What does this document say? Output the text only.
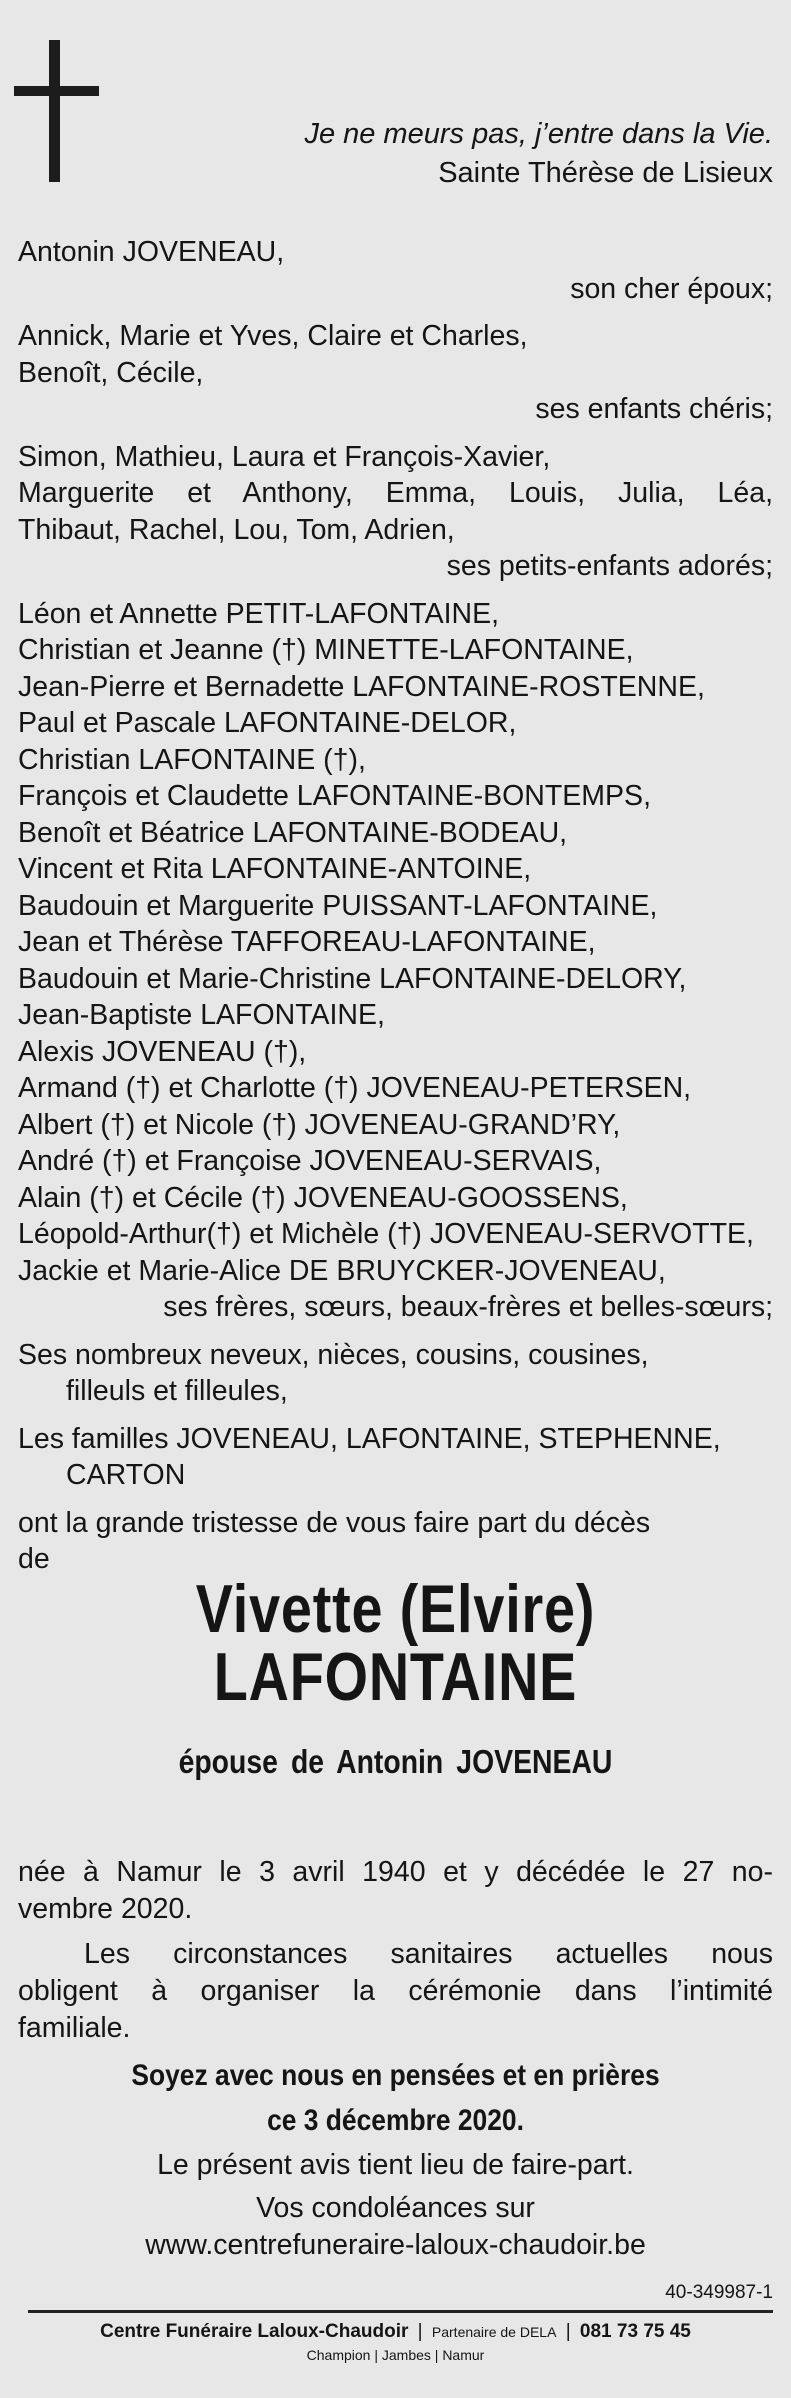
Je ne meurs pas, j’entre dans la Vie.
Sainte Thérèse de Lisieux
Antonin JOVENEAU,
son cher époux;
Annick, Marie et Yves, Claire et Charles,
Benoît, Cécile,
ses enfants chéris;
Simon, Mathieu, Laura et François-Xavier,
Marguerite et Anthony, Emma, Louis, Julia, Léa,
Thibaut, Rachel, Lou, Tom, Adrien,
ses petits-enfants adorés;
Léon et Annette PETIT-LAFONTAINE,
Christian et Jeanne (†) MINETTE-LAFONTAINE,
Jean-Pierre et Bernadette LAFONTAINE-ROSTENNE,
Paul et Pascale LAFONTAINE-DELOR,
Christian LAFONTAINE (†),
François et Claudette LAFONTAINE-BONTEMPS,
Benoît et Béatrice LAFONTAINE-BODEAU,
Vincent et Rita LAFONTAINE-ANTOINE,
Baudouin et Marguerite PUISSANT-LAFONTAINE,
Jean et Thérèse TAFFOREAU-LAFONTAINE,
Baudouin et Marie-Christine LAFONTAINE-DELORY,
Jean-Baptiste LAFONTAINE,
Alexis JOVENEAU (†),
Armand (†) et Charlotte (†) JOVENEAU-PETERSEN,
Albert (†) et Nicole (†) JOVENEAU-GRAND’RY,
André (†) et Françoise JOVENEAU-SERVAIS,
Alain (†) et Cécile (†) JOVENEAU-GOOSSENS,
Léopold-Arthur(†) et Michèle (†) JOVENEAU-SERVOTTE,
Jackie et Marie-Alice DE BRUYCKER-JOVENEAU,
ses frères, sœurs, beaux-frères et belles-sœurs;
Ses nombreux neveux, nièces, cousins, cousines,
filleuls et filleules,
Les familles JOVENEAU, LAFONTAINE, STEPHENNE,
CARTON
ont la grande tristesse de vous faire part du décès
de
Vivette (Elvire)
LAFONTAINE
épouse de Antonin JOVENEAU
née à Namur le 3 avril 1940 et y décédée le 27 no-
vembre 2020.
Les circonstances sanitaires actuelles nous
obligent à organiser la cérémonie dans l’intimité
familiale.
Soyez avec nous en pensées et en prières
ce 3 décembre 2020.
Le présent avis tient lieu de faire-part.
Vos condoléances sur
www.centrefuneraire-laloux-chaudoir.be
40-349987-1
Centre Funéraire Laloux-Chaudoir | Partenaire de DELA | 081 73 75 45
Champion | Jambes | Namur
